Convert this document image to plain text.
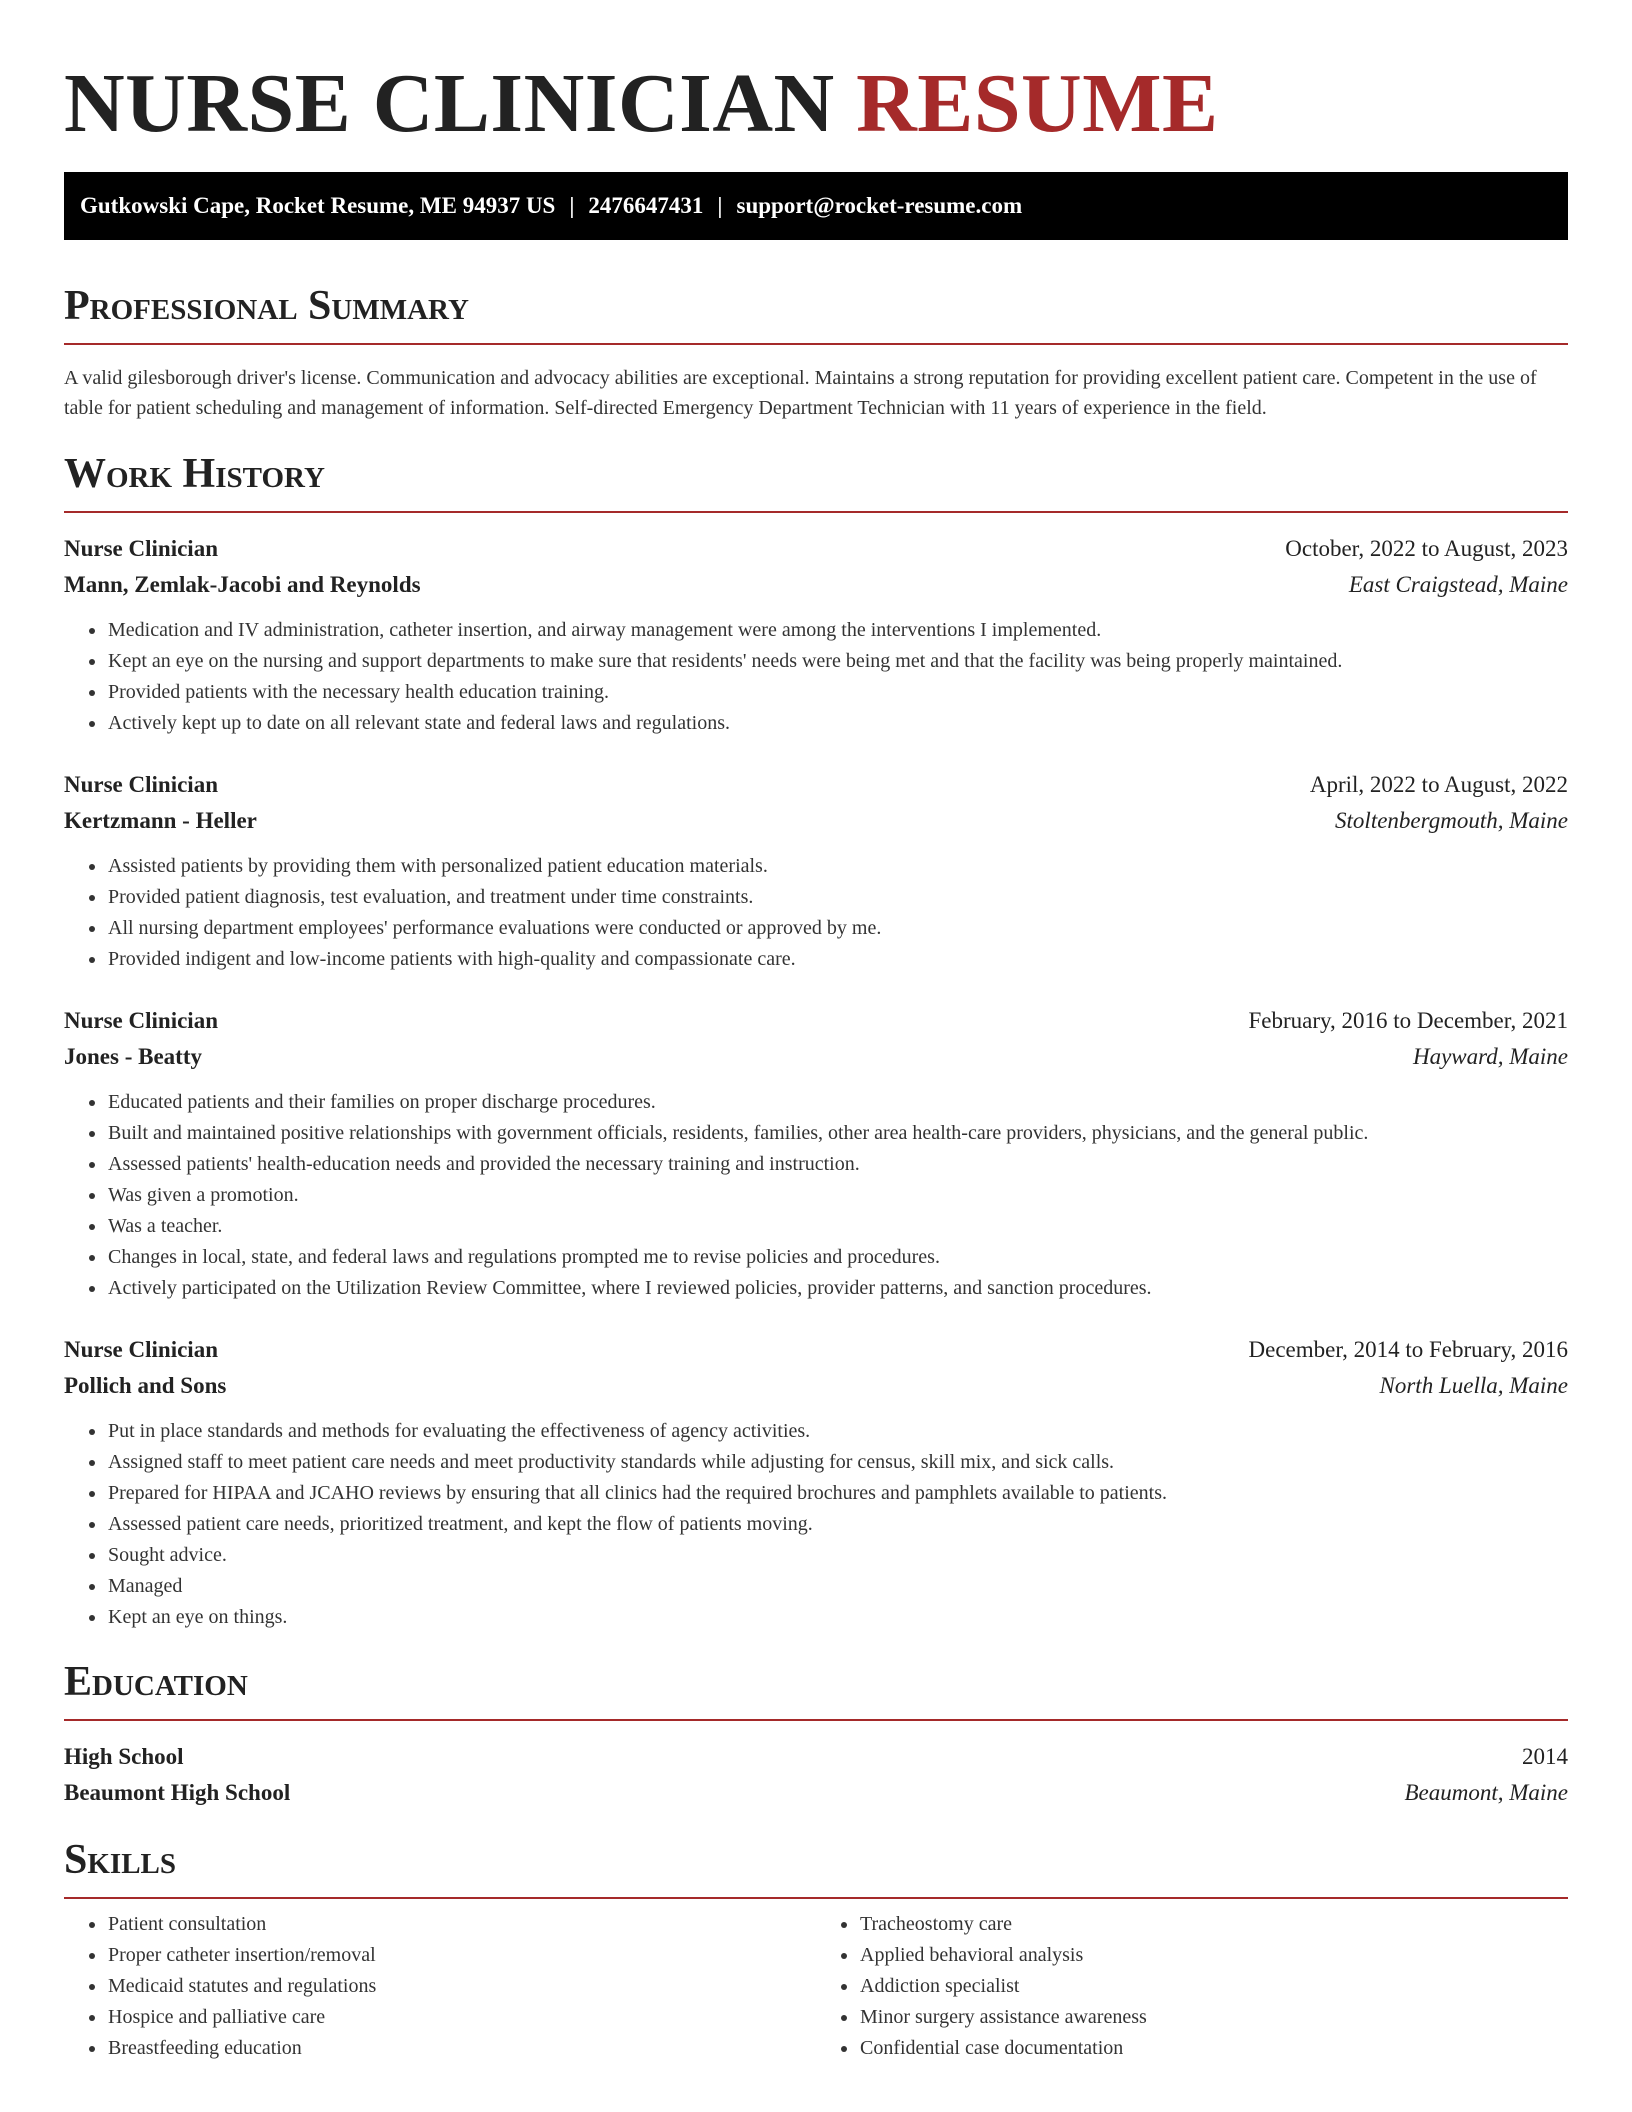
NURSE CLINICIAN RESUME
Gutkowski Cape, Rocket Resume, ME 94937 US | 2476647431 | support@rocket-resume.com
Professional Summary

A valid gilesborough driver's license. Communication and advocacy abilities are exceptional. Maintains a strong reputation for providing excellent patient care. Competent in the use of table for patient scheduling and management of information. Self-directed Emergency Department Technician with 11 years of experience in the field.

Work History
Nurse Clinician	October, 2022 to August, 2023
Mann, Zemlak-Jacobi and Reynolds	East Craigstead, Maine
• Medication and IV administration, catheter insertion, and airway management were among the interventions I implemented.
• Kept an eye on the nursing and support departments to make sure that residents' needs were being met and that the facility was being properly maintained.
• Provided patients with the necessary health education training.
• Actively kept up to date on all relevant state and federal laws and regulations.
Nurse Clinician	April, 2022 to August, 2022
Kertzmann - Heller	Stoltenbergmouth, Maine
• Assisted patients by providing them with personalized patient education materials.
• Provided patient diagnosis, test evaluation, and treatment under time constraints.
• All nursing department employees' performance evaluations were conducted or approved by me.
• Provided indigent and low-income patients with high-quality and compassionate care.
Nurse Clinician	February, 2016 to December, 2021
Jones - Beatty	Hayward, Maine
• Educated patients and their families on proper discharge procedures.
• Built and maintained positive relationships with government officials, residents, families, other area health-care providers, physicians, and the general public.
• Assessed patients' health-education needs and provided the necessary training and instruction.
• Was given a promotion.
• Was a teacher.
• Changes in local, state, and federal laws and regulations prompted me to revise policies and procedures.
• Actively participated on the Utilization Review Committee, where I reviewed policies, provider patterns, and sanction procedures.
Nurse Clinician	December, 2014 to February, 2016
Pollich and Sons	North Luella, Maine
• Put in place standards and methods for evaluating the effectiveness of agency activities.
• Assigned staff to meet patient care needs and meet productivity standards while adjusting for census, skill mix, and sick calls.
• Prepared for HIPAA and JCAHO reviews by ensuring that all clinics had the required brochures and pamphlets available to patients.
• Assessed patient care needs, prioritized treatment, and kept the flow of patients moving.
• Sought advice.
• Managed
• Kept an eye on things.
Education
High School	2014
Beaumont High School	Beaumont, Maine
Skills
• Patient consultation
• Proper catheter insertion/removal
• Medicaid statutes and regulations
• Hospice and palliative care
• Breastfeeding education
• Tracheostomy care
• Applied behavioral analysis
• Addiction specialist
• Minor surgery assistance awareness
• Confidential case documentation
